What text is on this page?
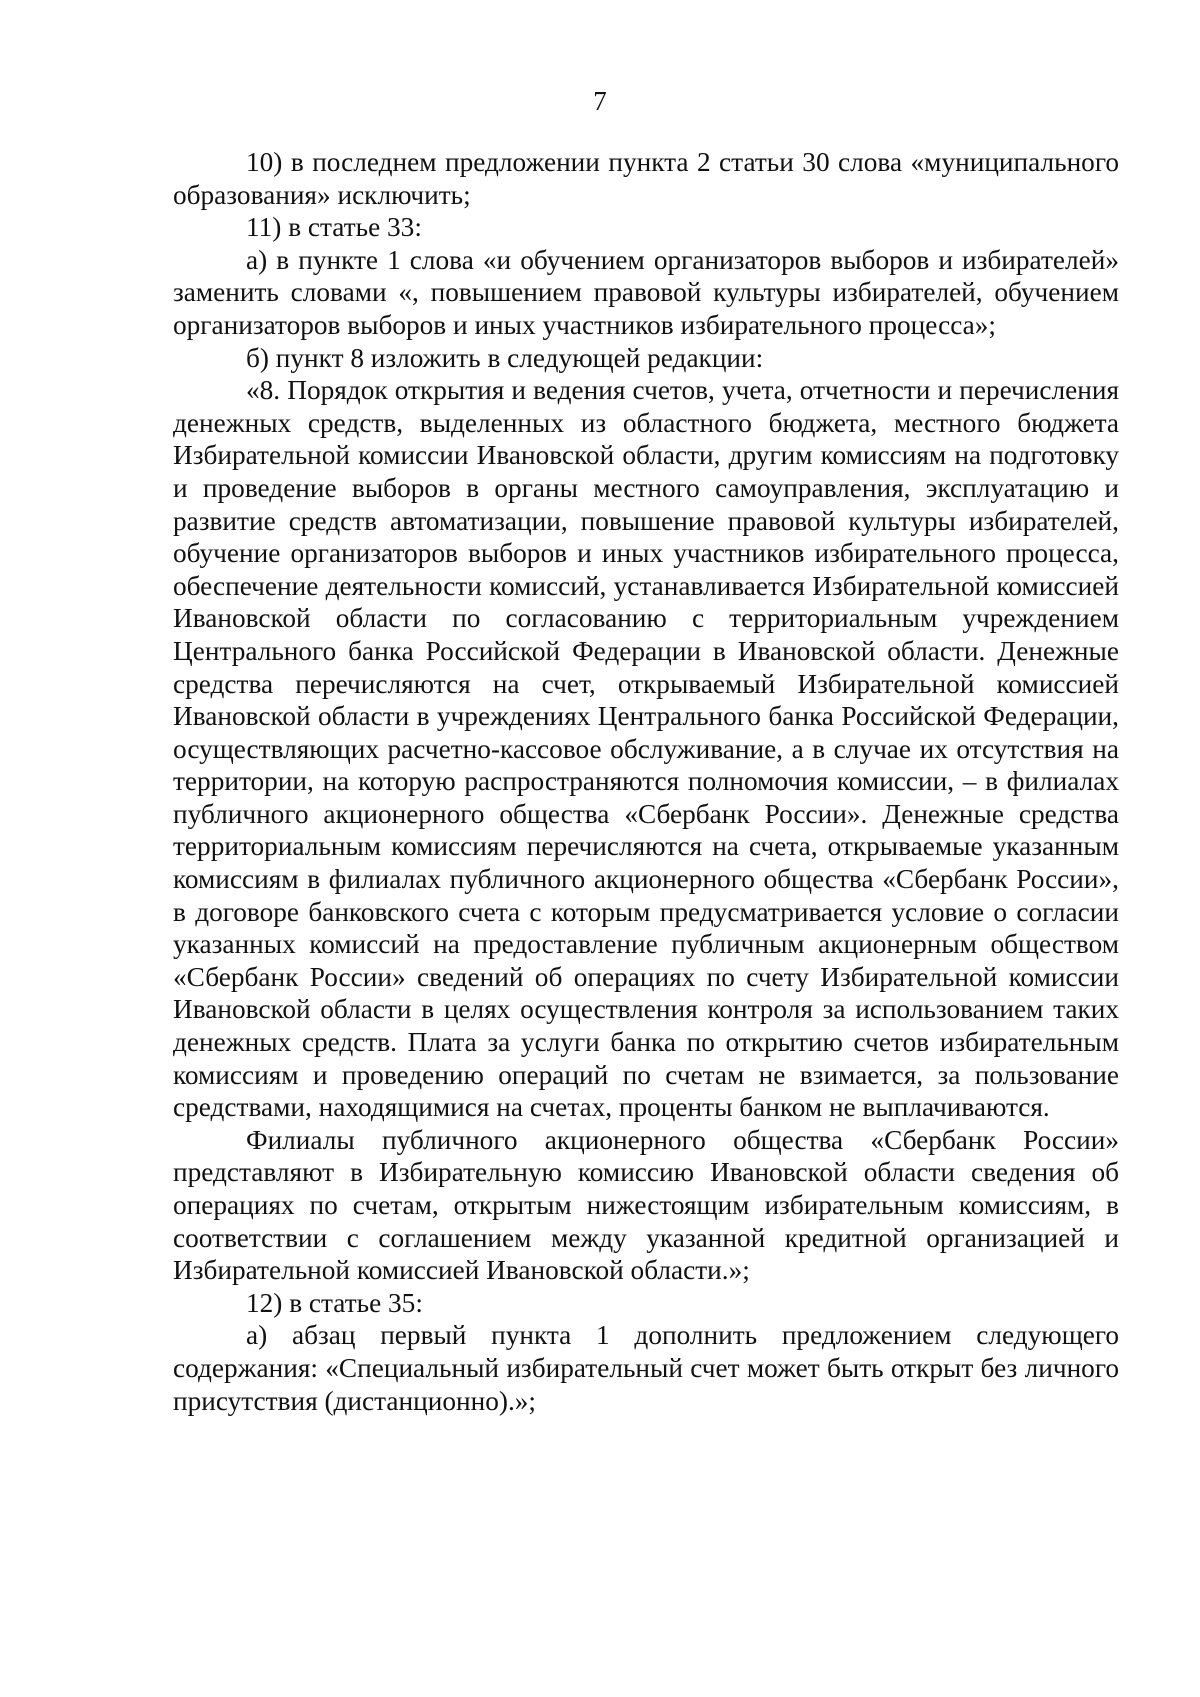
7

10) в последнем предложении пункта 2 статьи 30 слова «муниципального образования» исключить;

11) в статье 33:

а) в пункте 1 слова «и обучением организаторов выборов и избирателей» заменить словами «, повышением правовой культуры избирателей, обучением организаторов выборов и иных участников избирательного процесса»;

б) пункт 8 изложить в следующей редакции:

«8. Порядок открытия и ведения счетов, учета, отчетности и перечисления денежных средств, выделенных из областного бюджета, местного бюджета Избирательной комиссии Ивановской области, другим комиссиям на подготовку и проведение выборов в органы местного самоуправления, эксплуатацию и развитие средств автоматизации, повышение правовой культуры избирателей, обучение организаторов выборов и иных участников избирательного процесса, обеспечение деятельности комиссий, устанавливается Избирательной комиссией Ивановской области по согласованию с территориальным учреждением Центрального банка Российской Федерации в Ивановской области. Денежные средства перечисляются на счет, открываемый Избирательной комиссией Ивановской области в учреждениях Центрального банка Российской Федерации, осуществляющих расчетно-кассовое обслуживание, а в случае их отсутствия на территории, на которую распространяются полномочия комиссии, – в филиалах публичного акционерного общества «Сбербанк России». Денежные средства территориальным комиссиям перечисляются на счета, открываемые указанным комиссиям в филиалах публичного акционерного общества «Сбербанк России», в договоре банковского счета с которым предусматривается условие о согласии указанных комиссий на предоставление публичным акционерным обществом «Сбербанк России» сведений об операциях по счету Избирательной комиссии Ивановской области в целях осуществления контроля за использованием таких денежных средств. Плата за услуги банка по открытию счетов избирательным комиссиям и проведению операций по счетам не взимается, за пользование средствами, находящимися на счетах, проценты банком не выплачиваются.

Филиалы публичного акционерного общества «Сбербанк России» представляют в Избирательную комиссию Ивановской области сведения об операциях по счетам, открытым нижестоящим избирательным комиссиям, в соответствии с соглашением между указанной кредитной организацией и Избирательной комиссией Ивановской области.»;

12) в статье 35:

а) абзац первый пункта 1 дополнить предложением следующего содержания: «Специальный избирательный счет может быть открыт без личного присутствия (дистанционно).»;
